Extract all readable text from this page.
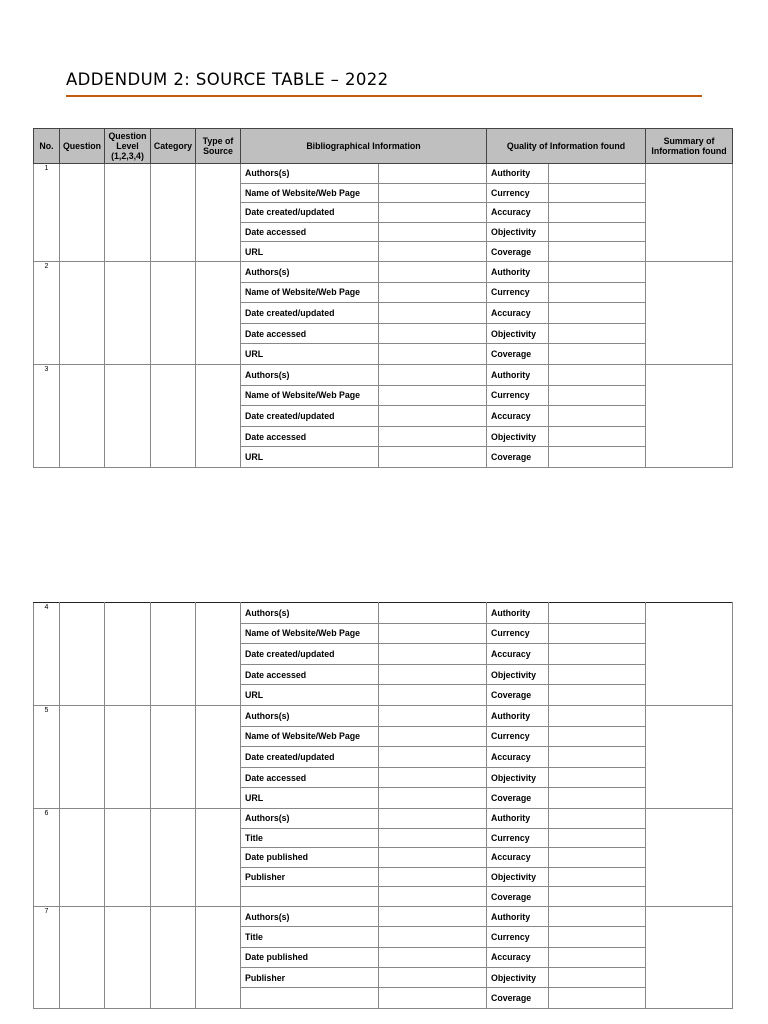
ADDENDUM 2: SOURCE TABLE – 2022
No.	Question	Question Level (1,2,3,4)	Category	Type of Source	Bibliographical Information		Quality of Information found		Summary of Information found
1					Authors(s)		Authority		
					Name of Website/Web Page		Currency		
					Date created/updated		Accuracy		
					Date accessed		Objectivity		
					URL		Coverage		
2					Authors(s)		Authority		
					Name of Website/Web Page		Currency		
					Date created/updated		Accuracy		
					Date accessed		Objectivity		
					URL		Coverage		
3					Authors(s)		Authority		
					Name of Website/Web Page		Currency		
					Date created/updated		Accuracy		
					Date accessed		Objectivity		
					URL		Coverage		
4					Authors(s)		Authority		
					Name of Website/Web Page		Currency		
					Date created/updated		Accuracy		
					Date accessed		Objectivity		
					URL		Coverage		
5					Authors(s)		Authority		
					Name of Website/Web Page		Currency		
					Date created/updated		Accuracy		
					Date accessed		Objectivity		
					URL		Coverage		
6					Authors(s)		Authority		
					Title		Currency		
					Date published		Accuracy		
					Publisher		Objectivity		
							Coverage		
7					Authors(s)		Authority		
					Title		Currency		
					Date published		Accuracy		
					Publisher		Objectivity		
							Coverage		
